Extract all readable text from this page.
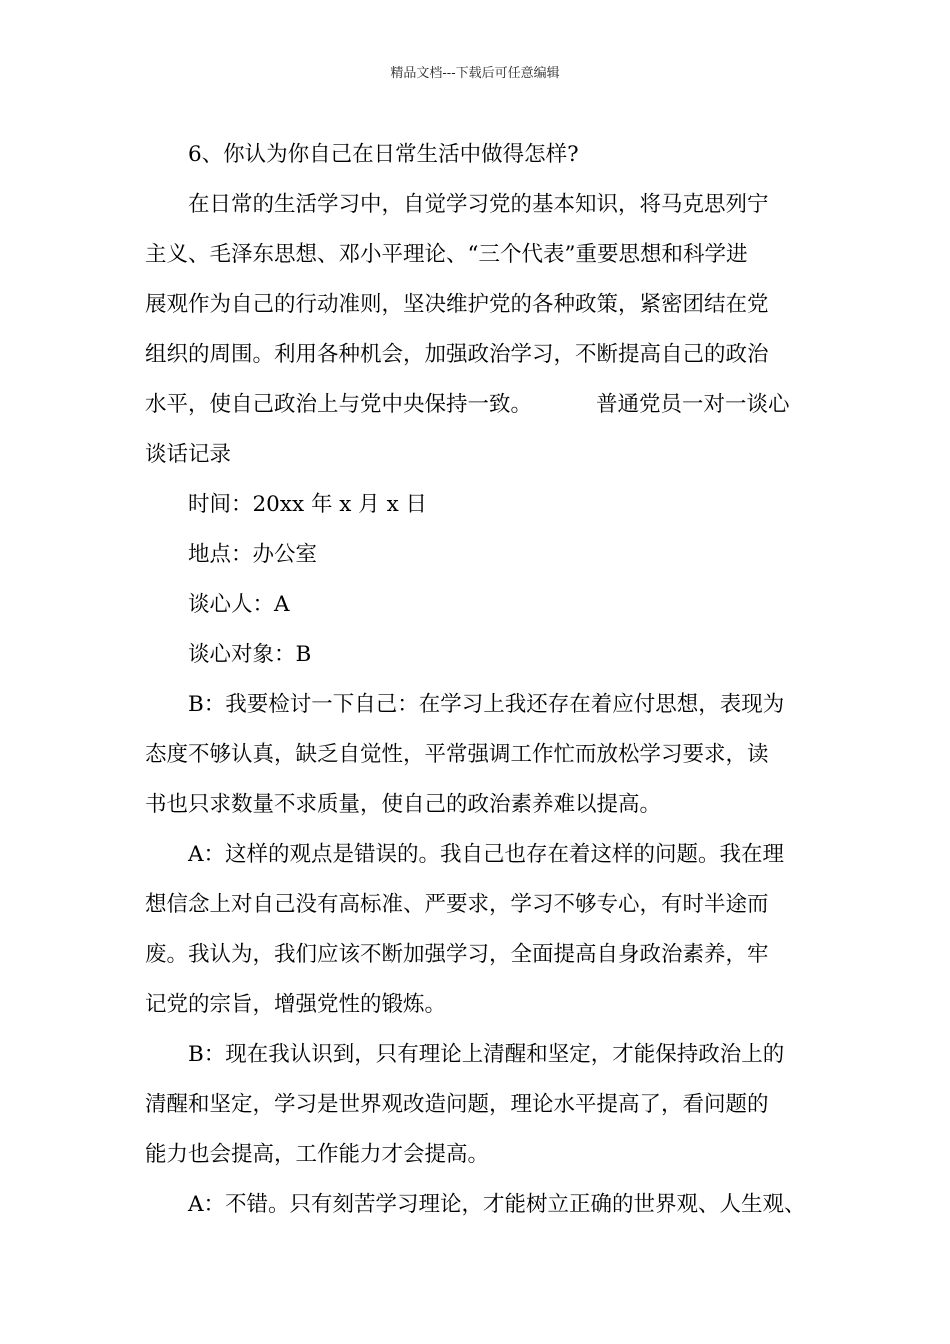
精品文档---下载后可任意编辑
6、你认为你自己在日常生活中做得怎样?
在日常的生活学习中，自觉学习党的基本知识，将马克思列宁
主义、毛泽东思想、邓小平理论、“三个代表”重要思想和科学进
展观作为自己的行动准则，坚决维护党的各种政策，紧密团结在党
组织的周围。利用各种机会，加强政治学习，不断提高自己的政治
水平，使自己政治上与党中央保持一致。	普通党员一对一谈心
谈话记录
时间：20xx 年 x 月 x 日
地点：办公室
谈心人：A
谈心对象：B
B：我要检讨一下自己：在学习上我还存在着应付思想，表现为
态度不够认真，缺乏自觉性，平常强调工作忙而放松学习要求，读
书也只求数量不求质量，使自己的政治素养难以提高。
A：这样的观点是错误的。我自己也存在着这样的问题。我在理
想信念上对自己没有高标准、严要求，学习不够专心，有时半途而
废。我认为，我们应该不断加强学习，全面提高自身政治素养，牢
记党的宗旨，增强党性的锻炼。
B：现在我认识到，只有理论上清醒和坚定，才能保持政治上的
清醒和坚定，学习是世界观改造问题，理论水平提高了，看问题的
能力也会提高，工作能力才会提高。
A：不错。只有刻苦学习理论，才能树立正确的世界观、人生观、
